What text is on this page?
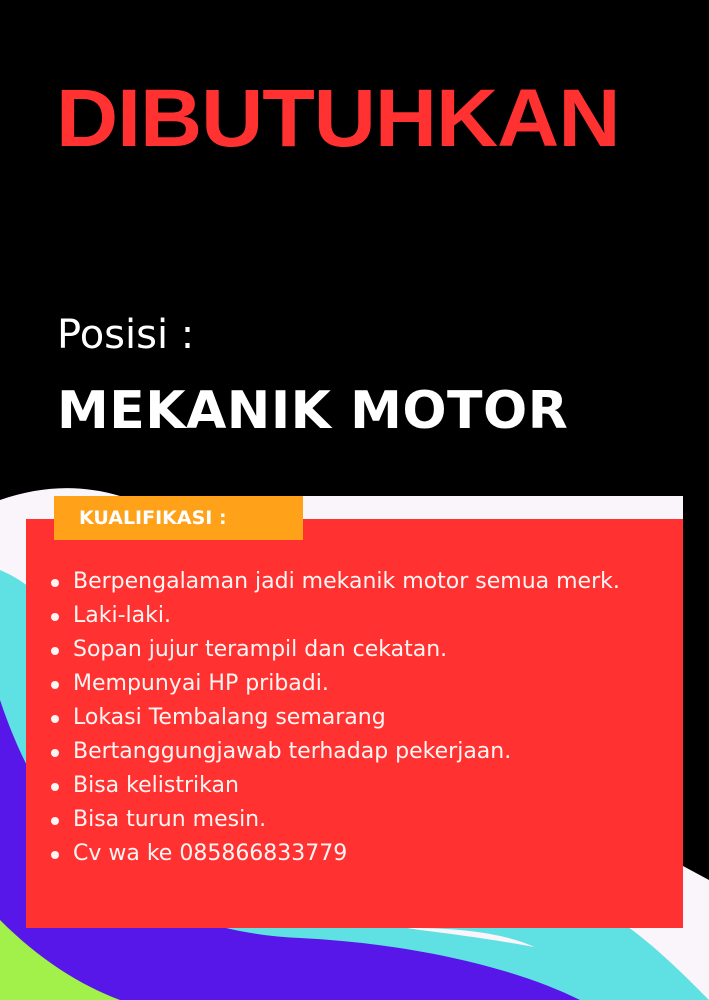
DIBUTUHKAN
Posisi :
MEKANIK MOTOR
KUALIFIKASI :
Berpengalaman jadi mekanik motor semua merk.
Laki-laki.
Sopan jujur terampil dan cekatan.
Mempunyai HP pribadi.
Lokasi Tembalang semarang
Bertanggungjawab terhadap pekerjaan.
Bisa kelistrikan
Bisa turun mesin.
Cv wa ke 085866833779
